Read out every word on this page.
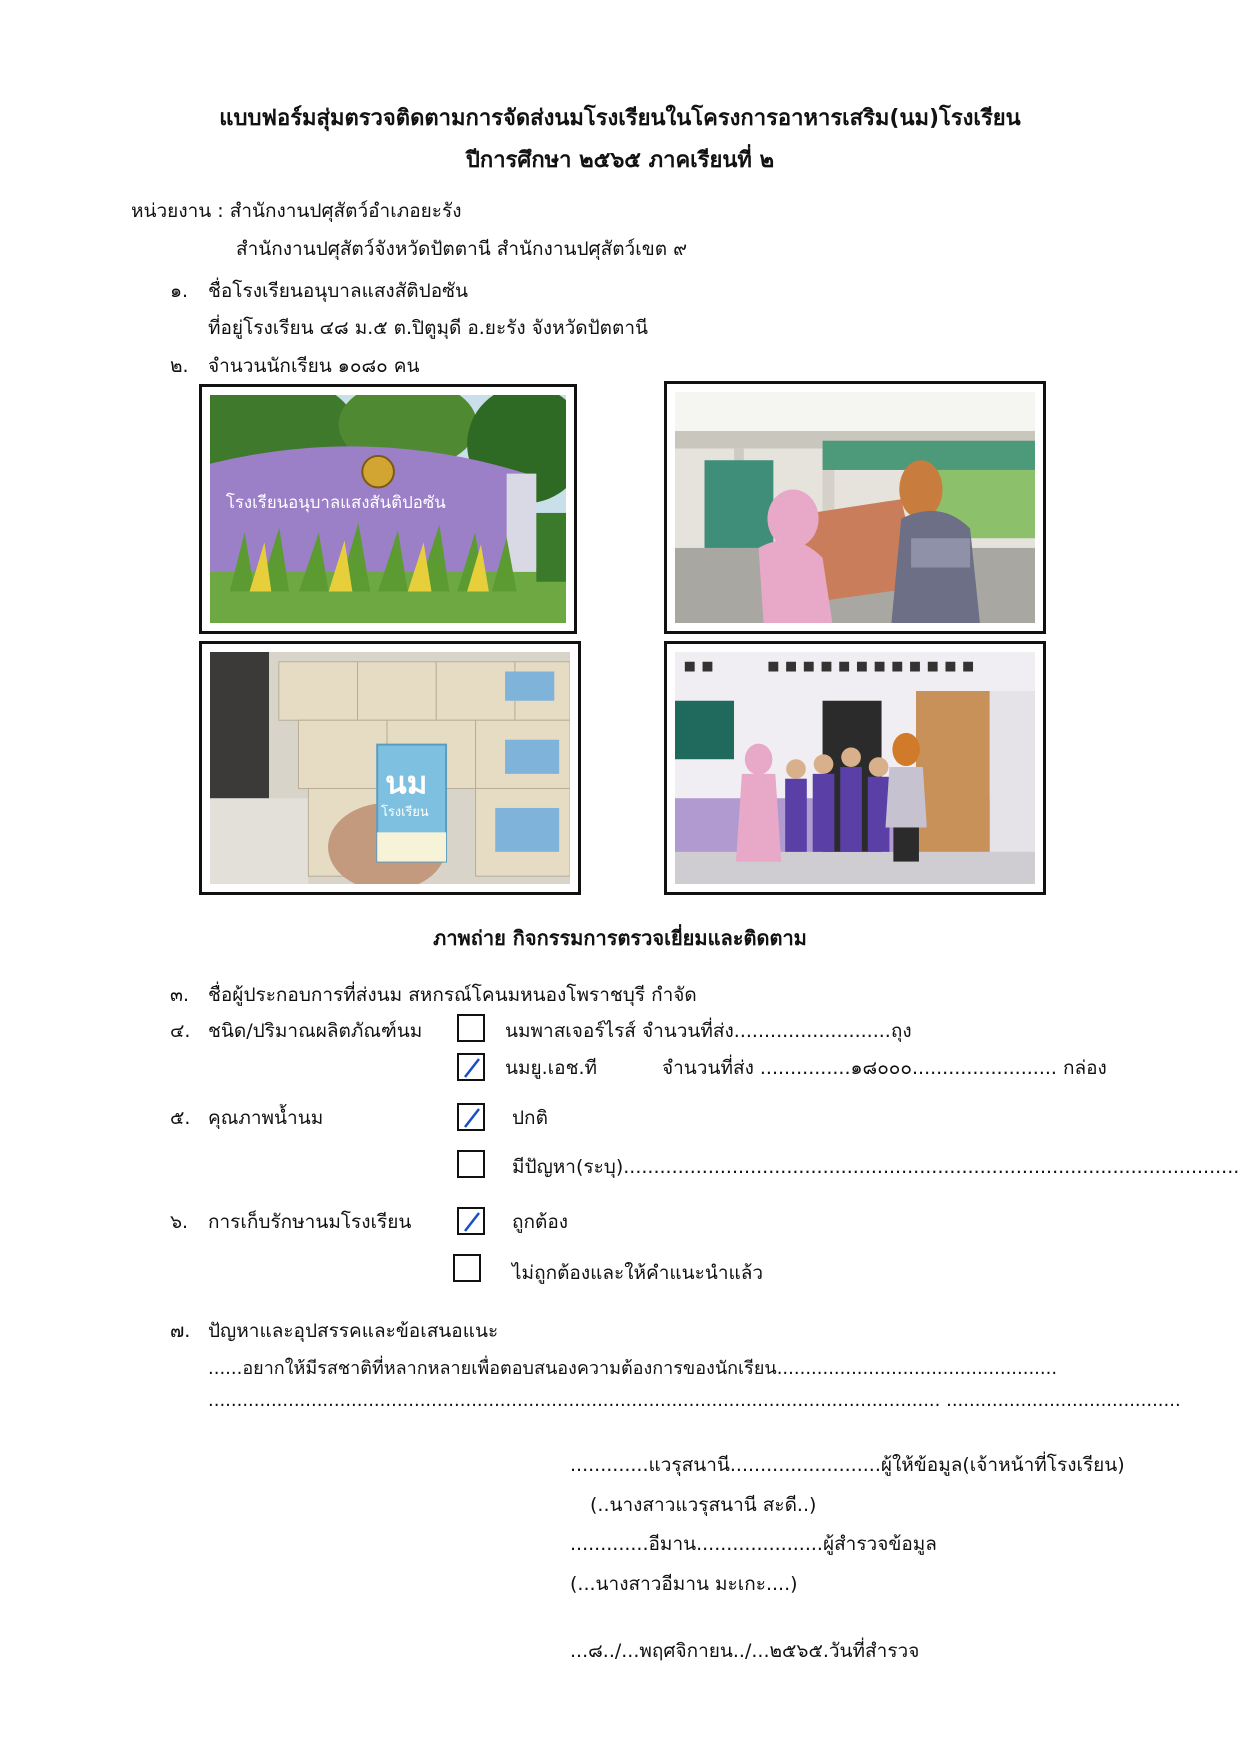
แบบฟอร์มสุ่มตรวจติดตามการจัดส่งนมโรงเรียนในโครงการอาหารเสริม(นม)โรงเรียน
ปีการศึกษา ๒๕๖๕ ภาคเรียนที่ ๒
หน่วยงาน : สำนักงานปศุสัตว์อำเภอยะรัง
สำนักงานปศุสัตว์จังหวัดปัตตานี สำนักงานปศุสัตว์เขต ๙
๑. ชื่อโรงเรียนอนุบาลแสงสัติปอซัน
ที่อยู่โรงเรียน ๔๘ ม.๕ ต.ปิตูมุดี อ.ยะรัง จังหวัดปัตตานี
๒. จำนวนนักเรียน ๑๐๘๐ คน
โรงเรียนอนุบาลแสงสันติปอซัน
นม
โรงเรียน
ภาพถ่าย กิจกรรมการตรวจเยี่ยมและติดตาม
๓. ชื่อผู้ประกอบการที่ส่งนม สหกรณ์โคนมหนองโพราชบุรี กำจัด
๔. ชนิด/ปริมาณผลิตภัณฑ์นม	นมพาสเจอร์ไรส์ จำนวนที่ส่ง..........................ถุง
นมยู.เอช.ที	จำนวนที่ส่ง ...............๑๘๐๐๐........................ กล่อง
๕. คุณภาพน้ำนม	ปกติ
มีปัญหา(ระบุ)......................................................................................................
๖. การเก็บรักษานมโรงเรียน	ถูกต้อง
ไม่ถูกต้องและให้คำแนะนำแล้ว
๗. ปัญหาและอุปสรรคและข้อเสนอแนะ
......อยากให้มีรสชาติที่หลากหลายเพื่อตอบสนองความต้องการของนักเรียน.................................................
................................................................................................................................ .........................................
.............แวรุสนานี.........................ผู้ให้ข้อมูล(เจ้าหน้าที่โรงเรียน)
(..นางสาวแวรุสนานี สะดี..)
.............อีมาน.....................ผู้สำรวจข้อมูล
(...นางสาวอีมาน มะเกะ....)
...๘../...พฤศจิกายน../...๒๕๖๕.วันที่สำรวจ
